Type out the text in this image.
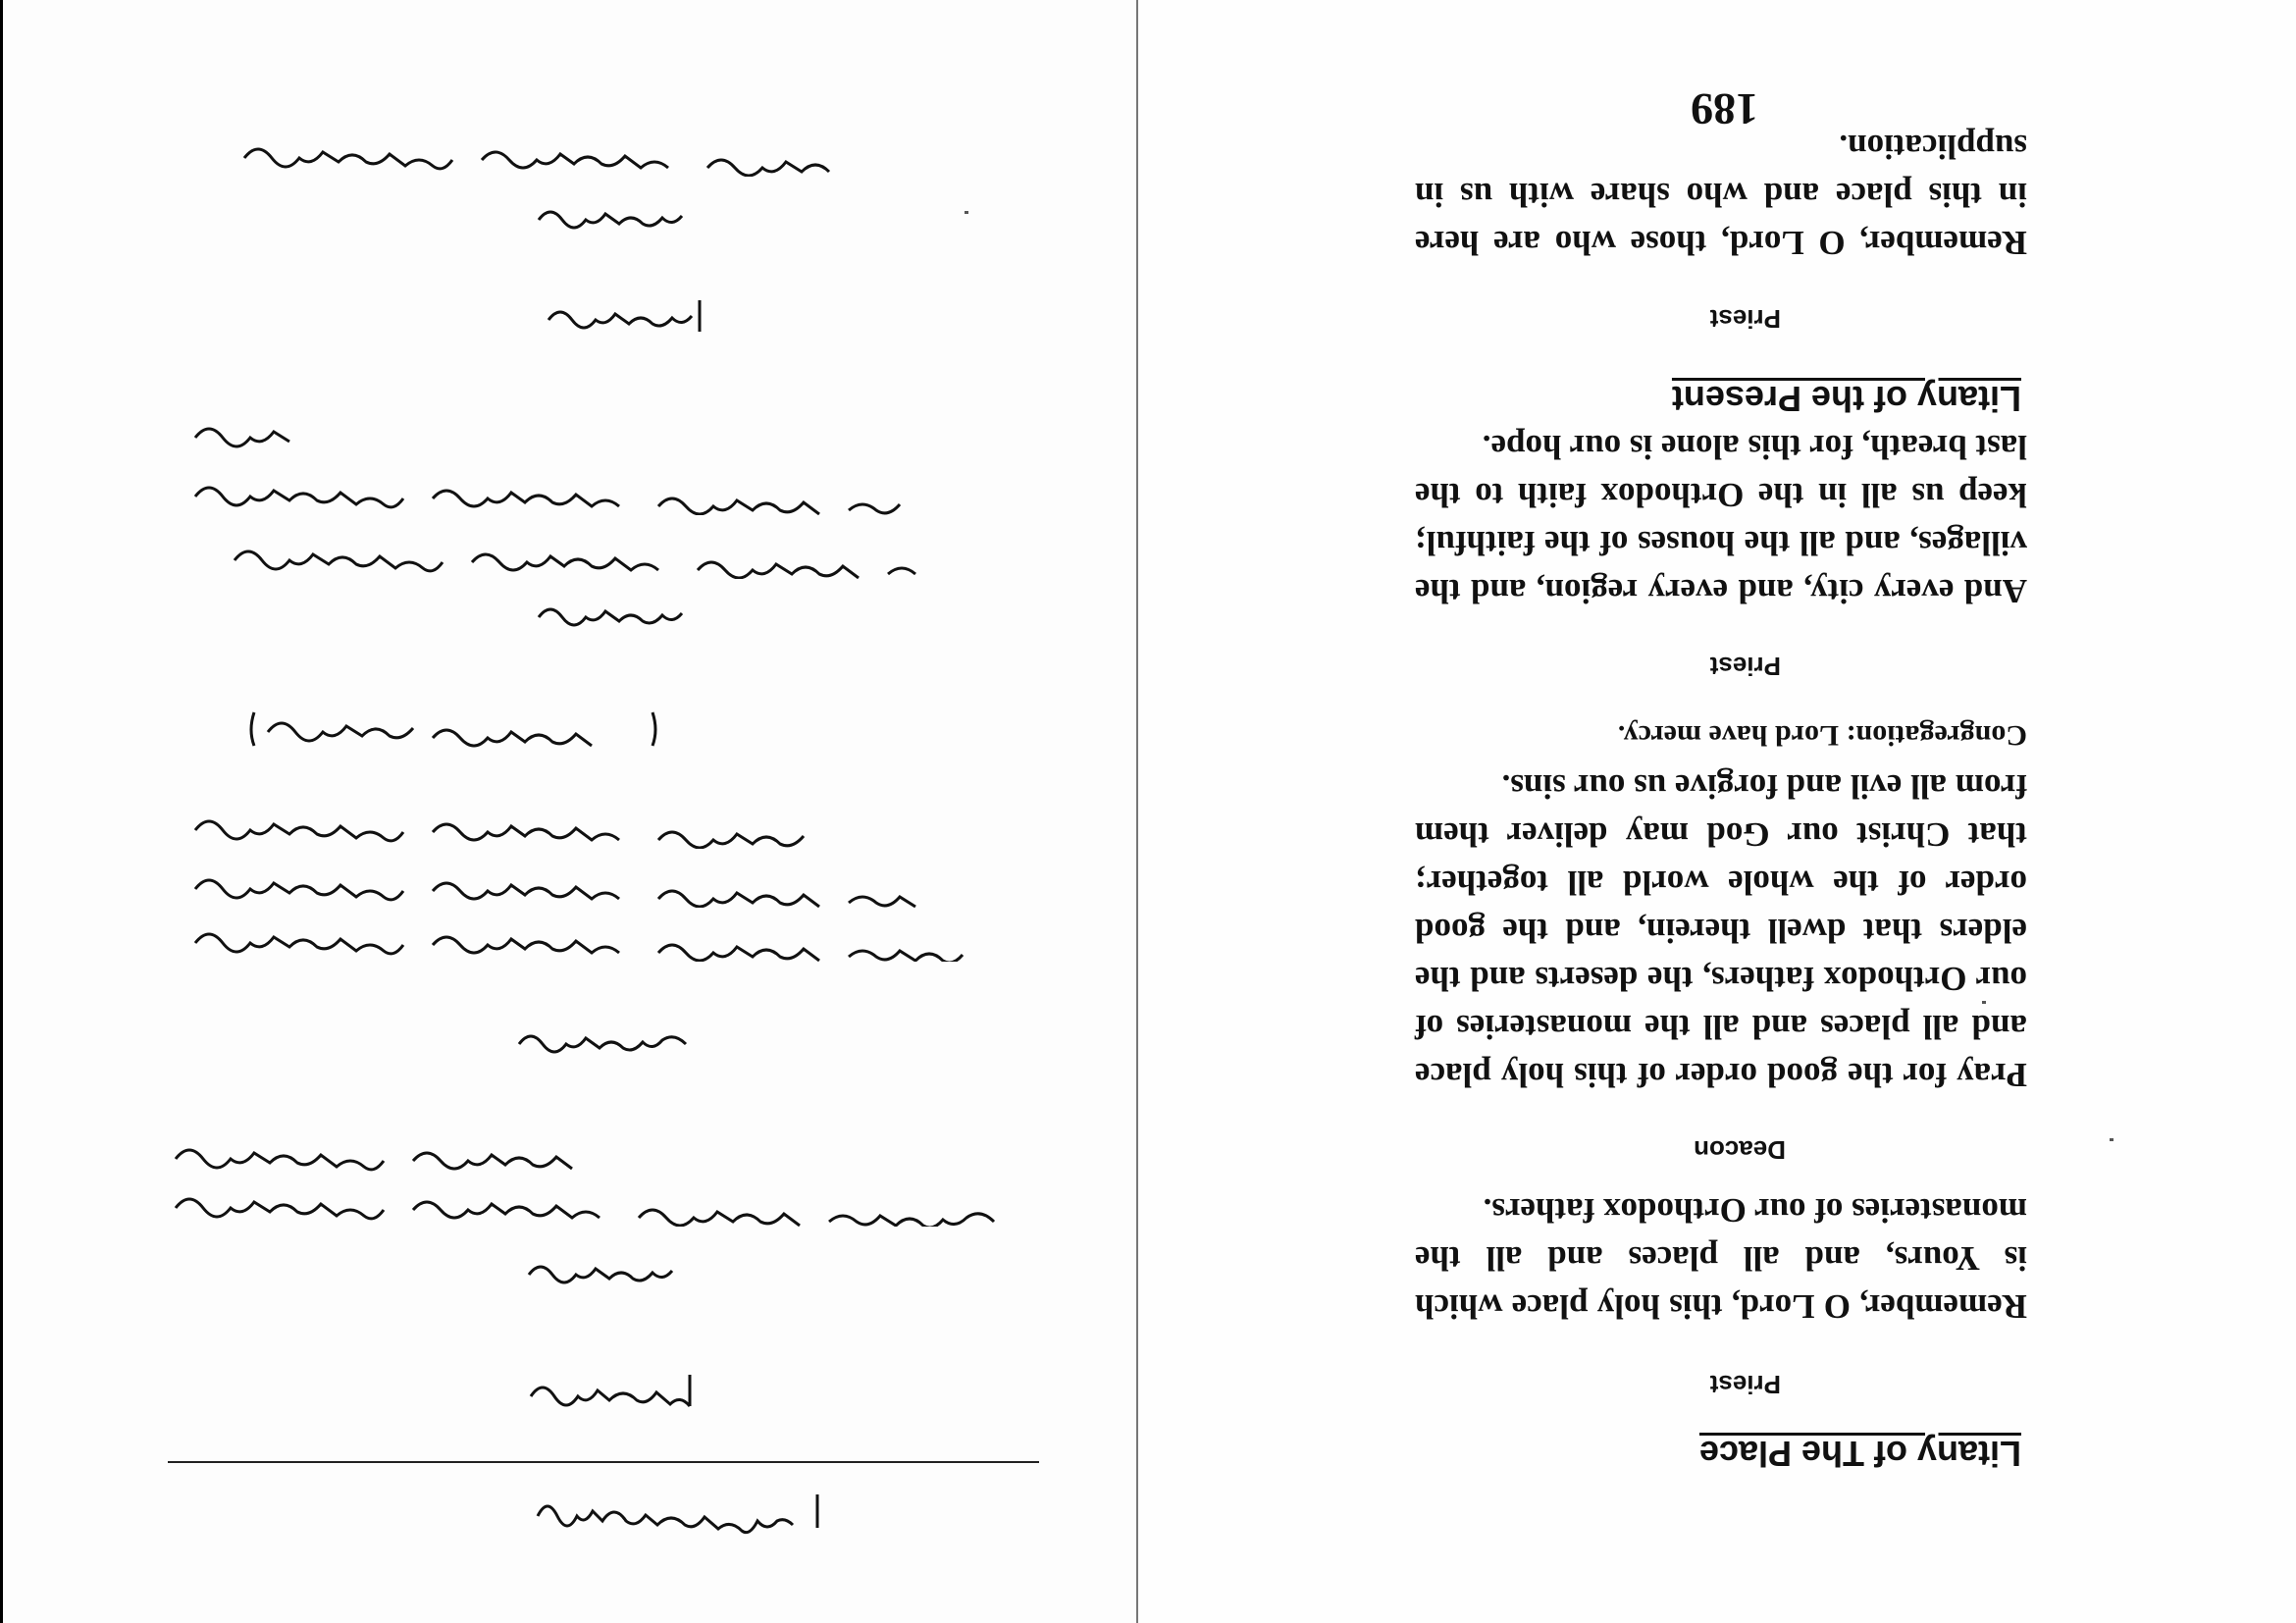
Litany of The Place
Priest
Remember, O Lord, this holy place which is Yours, and all places and all the monasteries of our Orthodox fathers.
Deacon
Pray for the good order of this holy place and all places and all the monasteries of our Orthodox fathers, the deserts and the elders that dwell therein, and the good order of the whole world all together; that Christ our God may deliver them from all evil and forgive us our sins.
Congregation: Lord have mercy.
Priest
And every city, and every region, and the villages, and all the houses of the faithful; keep us all in the Orthodox faith to the last breath, for this alone is our hope.
Litany of the Present
Priest
Remember, O Lord, those who are here in this place and who share with us in supplication.
189
